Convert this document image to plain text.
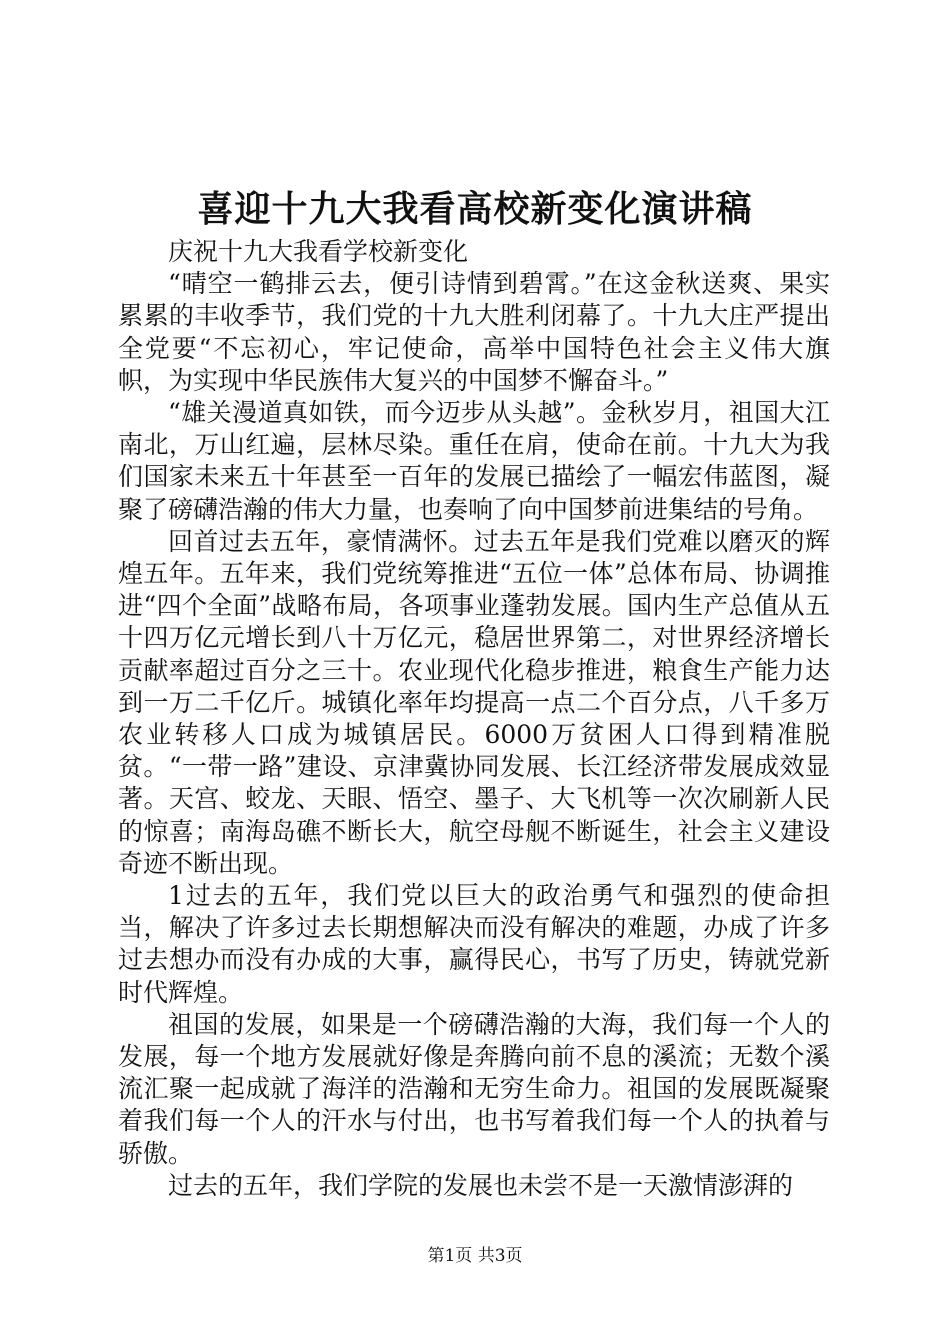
喜迎十九大我看高校新变化演讲稿

庆祝十九大我看学校新变化

“晴空一鹤排云去，便引诗情到碧霄。”在这金秋送爽、果实累累的丰收季节，我们党的十九大胜利闭幕了。十九大庄严提出全党要“不忘初心，牢记使命，高举中国特色社会主义伟大旗帜，为实现中华民族伟大复兴的中国梦不懈奋斗。”

“雄关漫道真如铁，而今迈步从头越”。金秋岁月，祖国大江南北，万山红遍，层林尽染。重任在肩，使命在前。十九大为我们国家未来五十年甚至一百年的发展已描绘了一幅宏伟蓝图，凝聚了磅礴浩瀚的伟大力量，也奏响了向中国梦前进集结的号角。

回首过去五年，豪情满怀。过去五年是我们党难以磨灭的辉煌五年。五年来，我们党统筹推进“五位一体”总体布局、协调推进“四个全面”战略布局，各项事业蓬勃发展。国内生产总值从五十四万亿元增长到八十万亿元，稳居世界第二，对世界经济增长贡献率超过百分之三十。农业现代化稳步推进，粮食生产能力达到一万二千亿斤。城镇化率年均提高一点二个百分点，八千多万农业转移人口成为城镇居民。6000万贫困人口得到精准脱贫。“一带一路”建设、京津冀协同发展、长江经济带发展成效显著。天宫、蛟龙、天眼、悟空、墨子、大飞机等一次次刷新人民的惊喜；南海岛礁不断长大，航空母舰不断诞生，社会主义建设奇迹不断出现。

1过去的五年，我们党以巨大的政治勇气和强烈的使命担当，解决了许多过去长期想解决而没有解决的难题，办成了许多过去想办而没有办成的大事，赢得民心，书写了历史，铸就党新时代辉煌。

祖国的发展，如果是一个磅礴浩瀚的大海，我们每一个人的发展，每一个地方发展就好像是奔腾向前不息的溪流；无数个溪流汇聚一起成就了海洋的浩瀚和无穷生命力。祖国的发展既凝聚着我们每一个人的汗水与付出，也书写着我们每一个人的执着与骄傲。

过去的五年，我们学院的发展也未尝不是一天激情澎湃的

第1页 共3页
